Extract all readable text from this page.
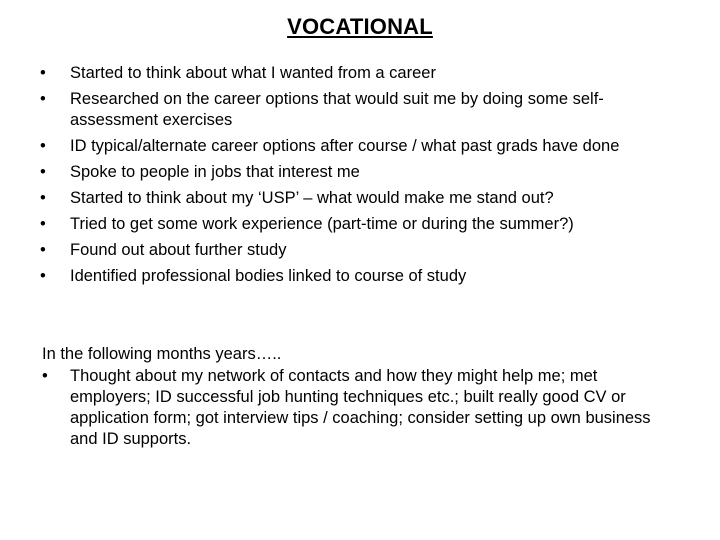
VOCATIONAL
•	Started to think about what I wanted from a career
•	Researched on the career options that would suit me by doing some self-assessment exercises
•	ID typical/alternate career options after course / what past grads have done
•	Spoke to people in jobs that interest me
•	Started to think about my ‘USP’ – what would make me stand out?
•	Tried to get some work experience (part-time or during the summer?)
•	Found out about further study
•	Identified professional bodies linked to course of study
In the following months years…..
•	Thought about my network of contacts and how they might help me; met employers; ID successful job hunting techniques etc.; built really good CV or application form; got interview tips / coaching; consider setting up own business and ID supports.
